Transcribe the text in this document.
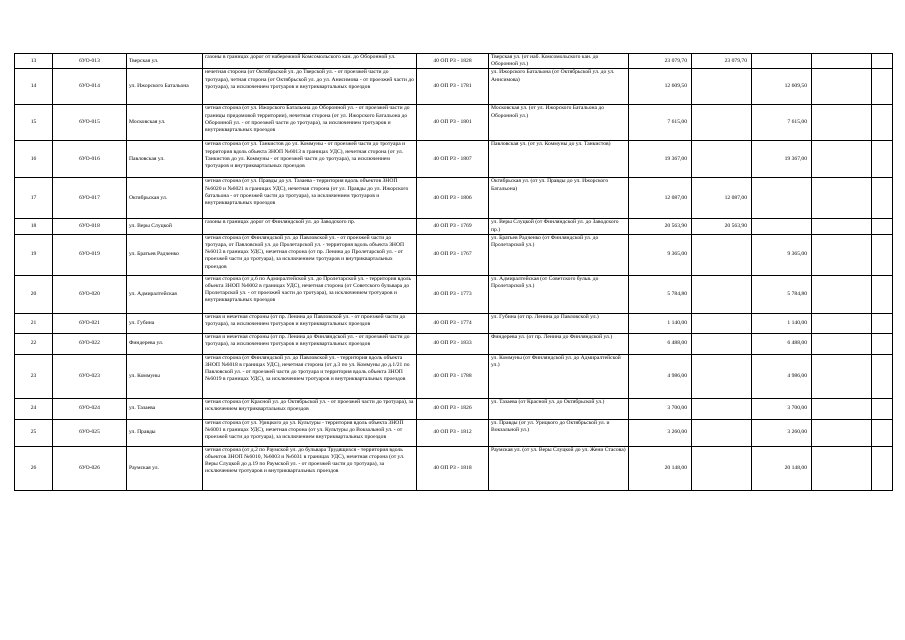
13	6УО-013	Тверская ул.	газоны в границах дорог от набережной Комсомольского кан. до Оборонной ул.	40 ОП РЗ - 1828	Тверская ул. (от наб. Комсомольского кан. до Оборонной ул.)	23 079,70	23 079,70			
14	6УО-014	ул. Ижорского Батальона	нечетная сторона (от Октябрьской ул. до Тверской ул. - от проезжей части до тротуара), четная сторона (от Октябрьской ул. до ул. Анисимова - от проезжей части до тротуара), за исключением тротуаров и внутриквартальных проездов	40 ОП РЗ - 1781	ул. Ижорского Батальона (от Октябрьской ул. до ул. Анисимова)	12 609,50		12 609,50		
15	6УО-015	Московская ул.	четная сторона (от ул. Ижорского Батальона до Оборонной ул. - от проезжей части до границы придомовой территории), нечетная сторона (от ул. Ижорского Батальона до Оборонной ул. - от проезжей части до тротуара), за исключением тротуаров и внутриквартальных проездов	40 ОП РЗ - 1801	Московская ул. (от ул. Ижорского Батальона до Оборонной ул.)	7 615,00		7 615,00		
16	6УО-016	Павловская ул.	четная сторона (от ул. Танкистов до ул. Коммуны - от проезжей части до тротуара и территория вдоль объекта ЗНОП №6013 в границах УДС), нечетная сторона (от ул. Танкистов до ул. Коммуны - от проезжей части до тротуара), за исключением тротуаров и внутриквартальных проездов	40 ОП РЗ - 1807	Павловская ул. (от ул. Коммуны до ул. Танкистов)	19 367,00		19 367,00		
17	6УО-017	Октябрьская ул.	четная сторона (от ул. Правды до ул. Тазаева - территория вдоль объектов ЗНОП №6020 и №6021 в границах УДС), нечетная сторона (от ул. Правды до ул. Ижорского батальона - от проезжей части до тротуара), за исключением тротуаров и внутриквартальных проездов	40 ОП РЗ - 1806	Октябрьская ул. (от ул. Правды до ул. Ижорского Батальона)	12 087,00	12 087,00			
18	6УО-018	ул. Веры Слуцкой	газоны в границах дорог от Финляндской ул. до Заводского пр.	40 ОП РЗ - 1769	ул. Веры Слуцкой (от Финляндской ул. до Заводского пр.)	20 563,90	20 563,90			
19	6УО-019	ул. Братьев Радченко	четная сторона (от Финляндской ул. до Павловской ул. - от проезжей части до тротуара, от Павловской ул. до Пролетарской ул. - территория вдоль объекта ЗНОП №6013 в границах УДС), нечетная сторона (от пр. Ленина до Пролетарской ул. - от проезжей части до тротуара), за исключением тротуаров и внутриквартальных проездов	40 ОП РЗ - 1767	ул. Братьев Радченко (от Финляндской ул. до Пролетарской ул.)	9 365,00		9 365,00		
20	6УО-020	ул. Адмиралтейская	четная сторона (от д.6 по Адмиралтейской ул. до Пролетарской ул. - территория вдоль объекта ЗНОП №6002 в границах УДС), нечетная сторона (от Советского бульвара до Пролетарской ул. - от проезжей части до тротуара), за исключением тротуаров и внутриквартальных проездов	40 ОП РЗ - 1773	ул. Адмиралтейская (от Советского бульв. до Пролетарской ул.)	5 784,80		5 784,80		
21	6УО-021	ул. Губина	четная и нечетная стороны (от пр. Ленина до Павловской ул. - от проезжей части до тротуара), за исключением тротуаров и внутриквартальных проездов	40 ОП РЗ - 1774	ул. Губина (от пр. Ленина до Павловской ул.)	1 140,00		1 140,00		
22	6УО-022	Финдерева ул.	четная и нечетная стороны (от пр. Ленина до Финляндской ул. - от проезжей части до тротуара), за исключением тротуаров и внутриквартальных проездов	40 ОП РЗ - 1833	Финдерева ул. (от пр. Ленина до Финляндской ул.)	6 488,00		6 488,00		
23	6УО-023	ул. Коммуны	четная сторона (от Финляндской ул. до Павловской ул. - территория вдоль объекта ЗНОП №6018 в границах УДС), нечетная сторона (от д.3 по ул. Коммуны до д.1/21 по Павловской ул. - от проезжей части до тротуара и территория вдоль объекта ЗНОП №6019 в границах УДС), за исключением тротуаров и внутриквартальных проездов	40 ОП РЗ - 1788	ул. Коммуны (от Финляндской ул. до Адмиралтейской ул.)	4 986,00		4 986,00		
24	6УО-024	ул. Тазаева	четная сторона (от Красной ул. до Октябрьской ул. - от проезжей части до тротуара), за исключением внутриквартальных проездов	40 ОП РЗ - 1826	ул. Тазаева (от Красной ул. до Октябрьской ул.)	3 700,00		3 700,00		
25	6УО-025	ул. Правды	четная сторона (от ул. Урицкого до ул. Культуры - территория вдоль объекта ЗНОП №6001 в границах УДС), нечетная сторона (от ул. Культуры до Вокзальной ул. - от проезжей части до тротуара), за исключением внутриквартальных проездов	40 ОП РЗ - 1812	ул. Правды (от ул. Урицкого до Октябрьской ул. и Вокзальной ул.)	3 260,00		3 260,00		
26	6УО-026	Раумская ул.	четная сторона (от д.2 по Раумской ул. до бульвара Трудящихся - территория вдоль объектов ЗНОП №6010, №6003 и №6031 в границах УДС), нечетная сторона (от ул. Веры Слуцкой до д.19 по Раумской ул. - от проезжей части до тротуара), за исключением тротуаров и внутриквартальных проездов	40 ОП РЗ - 1818	Раумская ул. (от ул. Веры Слуцкой до ул. Жени Стасова)	20 148,00		20 148,00		
